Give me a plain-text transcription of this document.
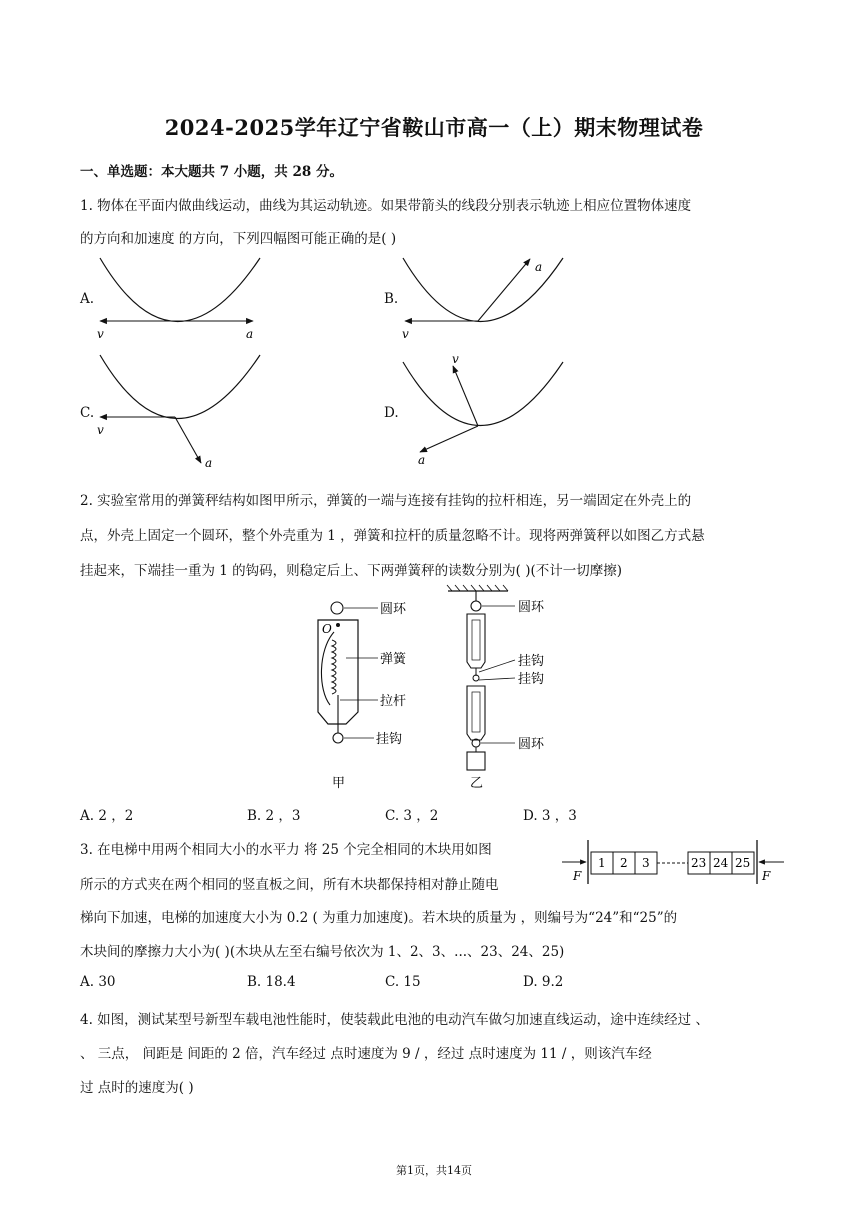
2024-2025学年辽宁省鞍山市高一（上）期末物理试卷
一、单选题：本大题共 7 小题，共 28 分。
1. 物体在平面内做曲线运动，曲线为其运动轨迹。如果带箭头的线段分别表示轨迹上相应位置物体速度
的方向和加速度 的方向，下列四幅图可能正确的是( )
A.	B.
C.	D.
v	a	v
a
v
a
v
a
2. 实验室常用的弹簧秤结构如图甲所示，弹簧的一端与连接有挂钩的拉杆相连，另一端固定在外壳上的
点，外壳上固定一个圆环，整个外壳重为 1 ，弹簧和拉杆的质量忽略不计。现将两弹簧秤以如图乙方式悬
挂起来，下端挂一重为 1 的钩码，则稳定后上、下两弹簧秤的读数分别为( )(不计一切摩擦)
O
圆环
弹簧
拉杆
挂钩
甲
圆环
挂钩
挂钩
圆环
乙
A. 2 ，2	B. 2 ，3	C. 3 ，2	D. 3 ，3
3. 在电梯中用两个相同大小的水平力 将 25 个完全相同的木块用如图
所示的方式夹在两个相同的竖直板之间，所有木块都保持相对静止随电
梯向下加速，电梯的加速度大小为 0.2 ( 为重力加速度)。若木块的质量为 ，则编号为“24”和“25”的
木块间的摩擦力大小为( )(木块从左至右编号依次为 1、2、3、...、23、24、25)
F	F
1 2 3	23 24 25
A. 30	B. 18.4	C. 15	D. 9.2
4. 如图，测试某型号新型车载电池性能时，使装载此电池的电动汽车做匀加速直线运动，途中连续经过 、
、 三点， 间距是 间距的 2 倍，汽车经过 点时速度为 9 / ，经过 点时速度为 11 / ，则该汽车经
过 点时的速度为( )
第1页，共14页
